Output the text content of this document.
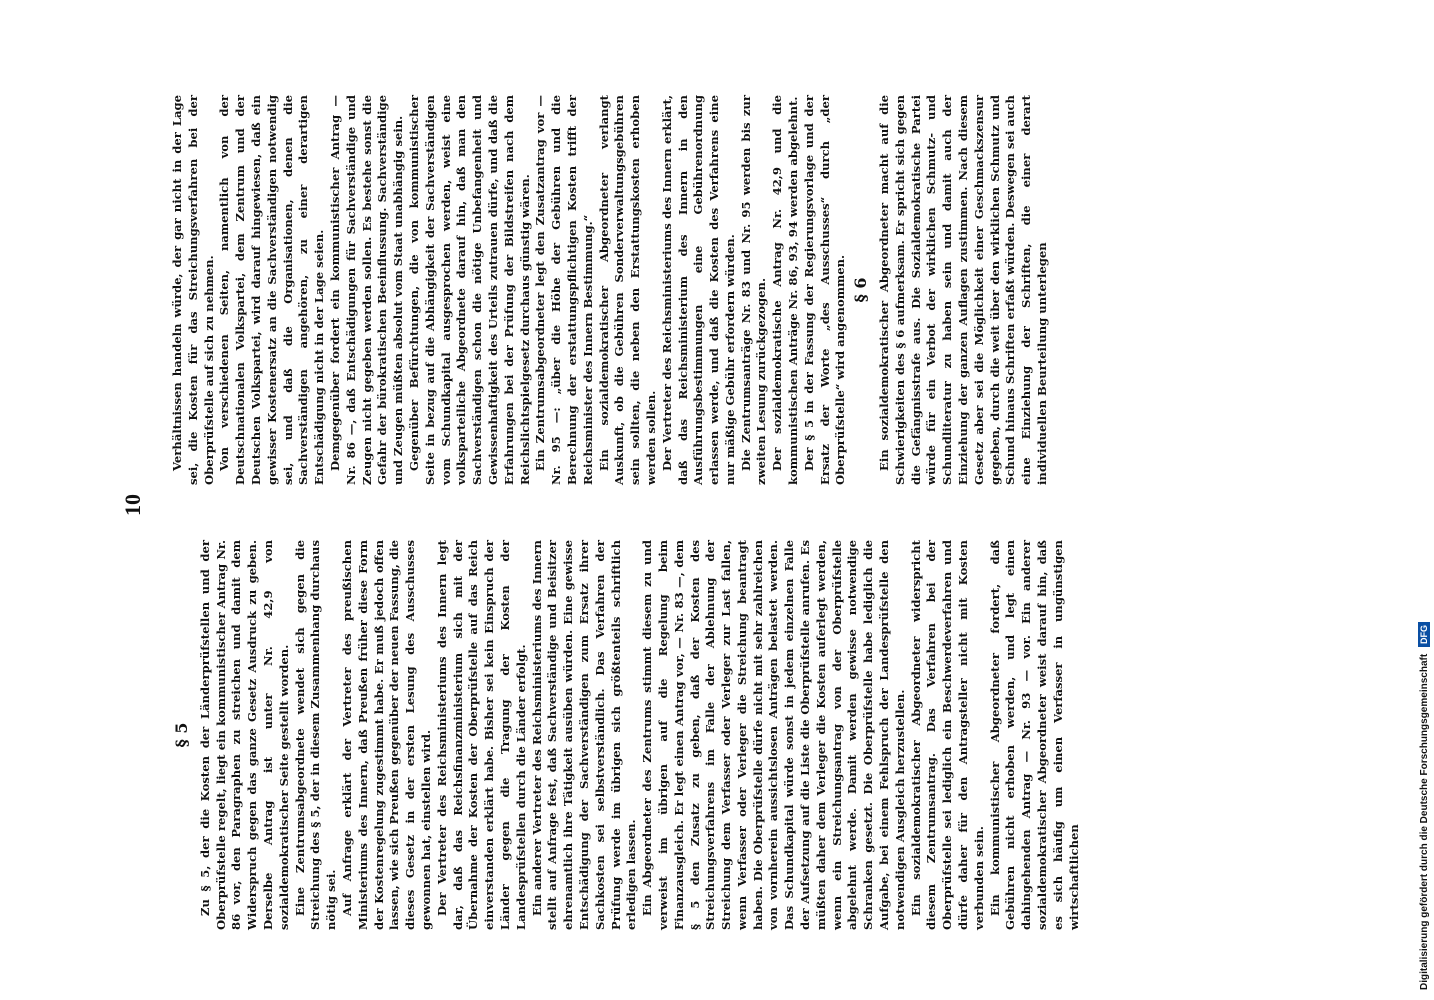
10
§ 5 Zu § 5, der die Kosten der Länderprüfstellen und der Oberprüfstelle regelt, liegt ein kommunistischer Antrag Nr. 86 vor, den Paragraphen zu streichen und damit dem Widerspruch gegen das ganze Gesetz Ausdruck zu geben. Derselbe Antrag ist unter Nr. 42,9 von sozialdemokratischer Seite gestellt worden. Eine Zentrumsabgeordnete wendet sich gegen die Streichung des § 5, der in diesem Zusammenhang durchaus nötig sei. Auf Anfrage erklärt der Vertreter des preußischen Ministeriums des Innern, daß Preußen früher diese Form der Kostenregelung zugestimmt habe. Er muß jedoch offen lassen, wie sich Preußen gegenüber der neuen Fassung, die dieses Gesetz in der ersten Lesung des Ausschusses gewonnen hat, einstellen wird. Der Vertreter des Reichsministeriums des Innern legt dar, daß das Reichsfinanzministerium sich mit der Übernahme der Kosten der Oberprüfstelle auf das Reich einverstanden erklärt habe. Bisher sei kein Einspruch der Länder gegen die Tragung der Kosten der Landesprüfstellen durch die Länder erfolgt. Ein anderer Vertreter des Reichsministeriums des Innern stellt auf Anfrage fest, daß Sachverständige und Beisitzer ehrenamtlich ihre Tätigkeit ausüben würden. Eine gewisse Entschädigung der Sachverständigen zum Ersatz ihrer Sachkosten sei selbstverständlich. Das Verfahren der Prüfung werde im übrigen sich größtenteils schriftlich erledigen lassen. Ein Abgeordneter des Zentrums stimmt diesem zu und verweist im übrigen auf die Regelung beim Finanzausgleich. Er legt einen Antrag vor, — Nr. 83 —, dem § 5 den Zusatz zu geben, daß der Kosten des Streichungsverfahrens im Falle der Ablehnung der Streichung dem Verfasser oder Verleger zur Last fallen, wenn Verfasser oder Verleger die Streichung beantragt haben. Die Oberprüfstelle dürfe nicht mit sehr zahlreichen von vornherein aussichtslosen Anträgen belastet werden. Das Schundkapital würde sonst in jedem einzelnen Falle der Aufsetzung auf die Liste die Oberprüfstelle anrufen. Es müßten daher dem Verleger die Kosten auferlegt werden, wenn ein Streichungsantrag von der Oberprüfstelle abgelehnt werde. Damit werden gewisse notwendige Schranken gesetzt. Die Oberprüfstelle habe lediglich die Aufgabe, bei einem Fehlspruch der Landesprüfstelle den notwendigen Ausgleich herzustellen. Ein sozialdemokratischer Abgeordneter widerspricht diesem Zentrumsantrag. Das Verfahren bei der Oberprüfstelle sei lediglich ein Beschwerdeverfahren und dürfe daher für den Antragsteller nicht mit Kosten verbunden sein. Ein kommunistischer Abgeordneter fordert, daß Gebühren nicht erhoben werden, und legt einen dahingehenden Antrag — Nr. 93 — vor. Ein anderer sozialdemokratischer Abgeordneter weist darauf hin, daß es sich häufig um einen Verfasser in ungünstigen wirtschaftlichen

Verhältnissen handeln würde, der gar nicht in der Lage sei, die Kosten für das Streichungsverfahren bei der Oberprüfstelle auf sich zu nehmen. Von verschiedenen Seiten, namentlich von der Deutschnationalen Volkspartei, dem Zentrum und der Deutschen Volkspartei, wird darauf hingewiesen, daß ein gewisser Kostenersatz an die Sachverständigen notwendig sei, und daß die Organisationen, denen die Sachverständigen angehören, zu einer derartigen Entschädigung nicht in der Lage seien. Demgegenüber fordert ein kommunistischer Antrag — Nr. 86 —, daß Entschädigungen für Sachverständige und Zeugen nicht gegeben werden sollen. Es bestehe sonst die Gefahr der bürokratischen Beeinflussung. Sachverständige und Zeugen müßten absolut vom Staat unabhängig sein. Gegenüber Befürchtungen, die von kommunistischer Seite in bezug auf die Abhängigkeit der Sachverständigen vom Schundkapital ausgesprochen werden, weist eine volksparteiliche Abgeordnete darauf hin, daß man den Sachverständigen schon die nötige Unbefangenheit und Gewissenhaftigkeit des Urteils zutrauen dürfe, und daß die Erfahrungen bei der Prüfung der Bildstreifen nach dem Reichslichtspielgesetz durchaus günstig wären. Ein Zentrumsabgeordneter legt den Zusatzantrag vor — Nr. 95 —: „über die Höhe der Gebühren und die Berechnung der erstattungspflichtigen Kosten trifft der Reichsminister des Innern Bestimmung.“ Ein sozialdemokratischer Abgeordneter verlangt Auskunft, ob die Gebühren Sonderverwaltungsgebühren sein sollten, die neben den Erstattungskosten erhoben werden sollen. Der Vertreter des Reichsministeriums des Innern erklärt, daß das Reichsministerium des Innern in den Ausführungsbestimmungen eine Gebührenordnung erlassen werde, und daß die Kosten des Verfahrens eine nur mäßige Gebühr erfordern würden. Die Zentrumsanträge Nr. 83 und Nr. 95 werden bis zur zweiten Lesung zurückgezogen. Der sozialdemokratische Antrag Nr. 42,9 und die kommunistischen Anträge Nr. 86, 93, 94 werden abgelehnt. Der § 5 in der Fassung der Regierungsvorlage und der Ersatz der Worte „des Ausschusses“ durch „der Oberprüfstelle“ wird angenommen. § 6 Ein sozialdemokratischer Abgeordneter macht auf die Schwierigkeiten des § 6 aufmerksam. Er spricht sich gegen die Gefängnisstrafe aus. Die Sozialdemokratische Partei würde für ein Verbot der wirklichen Schmutz- und Schundliteratur zu haben sein und damit auch der Einziehung der ganzen Auflagen zustimmen. Nach diesem Gesetz aber sei die Möglichkeit einer Geschmackszensur gegeben, durch die weit über den wirklichen Schmutz und Schund hinaus Schriften erfaßt würden. Deswegen sei auch eine Einziehung der Schriften, die einer derart individuellen Beurteilung unterlegen

Digitalisierung gefördert durch die Deutsche Forschungsgemeinschaft DFG
